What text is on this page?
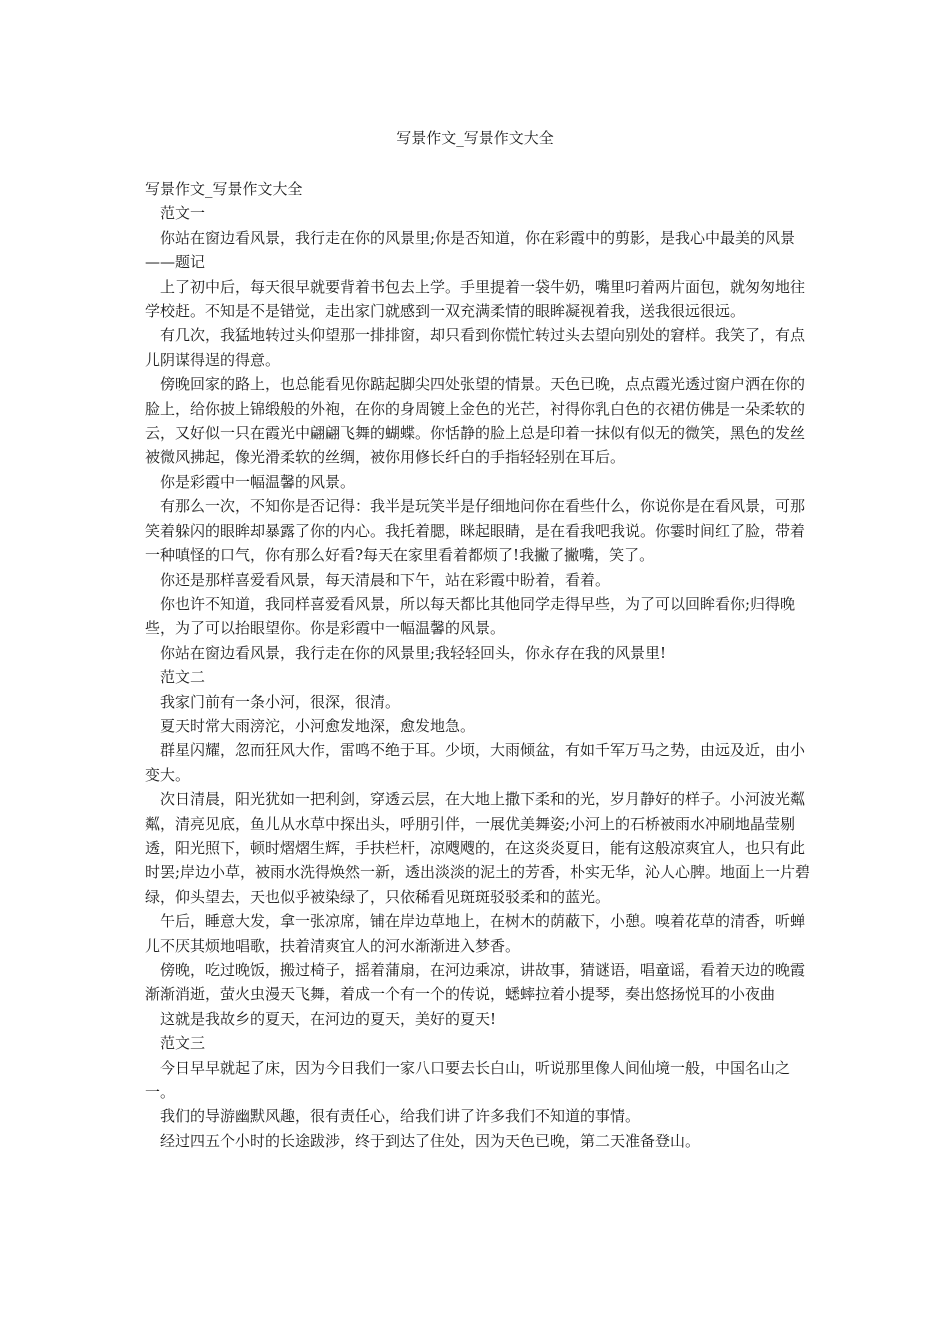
写景作文_写景作文大全
写景作文_写景作文大全
范文一
你站在窗边看风景，我行走在你的风景里;你是否知道，你在彩霞中的剪影，是我心中最美的风景——题记
上了初中后，每天很早就要背着书包去上学。手里提着一袋牛奶，嘴里叼着两片面包，就匆匆地往学校赶。不知是不是错觉，走出家门就感到一双充满柔情的眼眸凝视着我，送我很远很远。
有几次，我猛地转过头仰望那一排排窗，却只看到你慌忙转过头去望向别处的窘样。我笑了，有点儿阴谋得逞的得意。
傍晚回家的路上，也总能看见你踮起脚尖四处张望的情景。天色已晚，点点霞光透过窗户洒在你的脸上，给你披上锦缎般的外袍，在你的身周镀上金色的光芒，衬得你乳白色的衣裙仿佛是一朵柔软的云，又好似一只在霞光中翩翩飞舞的蝴蝶。你恬静的脸上总是印着一抹似有似无的微笑，黑色的发丝被微风拂起，像光滑柔软的丝绸，被你用修长纤白的手指轻轻别在耳后。
你是彩霞中一幅温馨的风景。
有那么一次，不知你是否记得：我半是玩笑半是仔细地问你在看些什么，你说你是在看风景，可那笑着躲闪的眼眸却暴露了你的内心。我托着腮，眯起眼睛，是在看我吧我说。你霎时间红了脸，带着一种嗔怪的口气，你有那么好看?每天在家里看着都烦了!我撇了撇嘴，笑了。
你还是那样喜爱看风景，每天清晨和下午，站在彩霞中盼着，看着。
你也许不知道，我同样喜爱看风景，所以每天都比其他同学走得早些，为了可以回眸看你;归得晚些，为了可以抬眼望你。你是彩霞中一幅温馨的风景。
你站在窗边看风景，我行走在你的风景里;我轻轻回头，你永存在我的风景里!
范文二
我家门前有一条小河，很深，很清。
夏天时常大雨滂沱，小河愈发地深，愈发地急。
群星闪耀，忽而狂风大作，雷鸣不绝于耳。少顷，大雨倾盆，有如千军万马之势，由远及近，由小变大。
次日清晨，阳光犹如一把利剑，穿透云层，在大地上撒下柔和的光，岁月静好的样子。小河波光粼粼，清亮见底，鱼儿从水草中探出头，呼朋引伴，一展优美舞姿;小河上的石桥被雨水冲刷地晶莹剔透，阳光照下，顿时熠熠生辉，手扶栏杆，凉飕飕的，在这炎炎夏日，能有这般凉爽宜人，也只有此时罢;岸边小草，被雨水洗得焕然一新，透出淡淡的泥土的芳香，朴实无华，沁人心脾。地面上一片碧绿，仰头望去，天也似乎被染绿了，只依稀看见斑斑驳驳柔和的蓝光。
午后，睡意大发，拿一张凉席，铺在岸边草地上，在树木的荫蔽下，小憩。嗅着花草的清香，听蝉儿不厌其烦地唱歌，扶着清爽宜人的河水渐渐进入梦香。
傍晚，吃过晚饭，搬过椅子，摇着蒲扇，在河边乘凉，讲故事，猜谜语，唱童谣，看着天边的晚霞渐渐消逝，萤火虫漫天飞舞，着成一个有一个的传说，蟋蟀拉着小提琴，奏出悠扬悦耳的小夜曲
这就是我故乡的夏天，在河边的夏天，美好的夏天!
范文三
今日早早就起了床，因为今日我们一家八口要去长白山，听说那里像人间仙境一般，中国名山之一。
我们的导游幽默风趣，很有责任心，给我们讲了许多我们不知道的事情。
经过四五个小时的长途跋涉，终于到达了住处，因为天色已晚，第二天准备登山。
